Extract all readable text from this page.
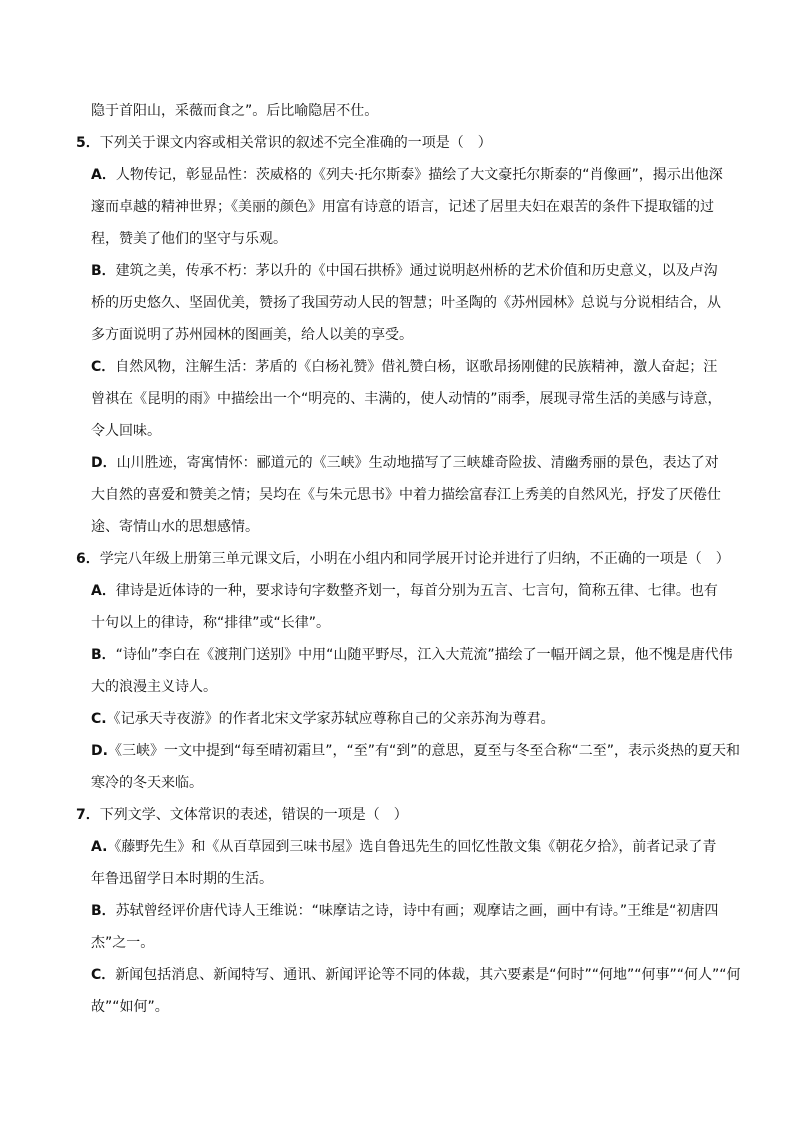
隐于首阳山，采薇而食之”。后比喻隐居不仕。
5．下列关于课文内容或相关常识的叙述不完全准确的一项是（　）
A．人物传记，彰显品性：茨威格的《列夫·托尔斯泰》描绘了大文豪托尔斯泰的“肖像画”，揭示出他深
邃而卓越的精神世界；《美丽的颜色》用富有诗意的语言，记述了居里夫妇在艰苦的条件下提取镭的过
程，赞美了他们的坚守与乐观。
B．建筑之美，传承不朽：茅以升的《中国石拱桥》通过说明赵州桥的艺术价值和历史意义，以及卢沟
桥的历史悠久、坚固优美，赞扬了我国劳动人民的智慧；叶圣陶的《苏州园林》总说与分说相结合，从
多方面说明了苏州园林的图画美，给人以美的享受。
C．自然风物，注解生活：茅盾的《白杨礼赞》借礼赞白杨，讴歌昂扬刚健的民族精神，激人奋起；汪
曾祺在《昆明的雨》中描绘出一个“明亮的、丰满的，使人动情的”雨季，展现寻常生活的美感与诗意，
令人回味。
D．山川胜迹，寄寓情怀：郦道元的《三峡》生动地描写了三峡雄奇险拔、清幽秀丽的景色，表达了对
大自然的喜爱和赞美之情；吴均在《与朱元思书》中着力描绘富春江上秀美的自然风光，抒发了厌倦仕
途、寄情山水的思想感情。
6．学完八年级上册第三单元课文后，小明在小组内和同学展开讨论并进行了归纳，不正确的一项是（　）
A．律诗是近体诗的一种，要求诗句字数整齐划一，每首分别为五言、七言句，简称五律、七律。也有
十句以上的律诗，称“排律”或“长律”。
B．“诗仙”李白在《渡荆门送别》中用“山随平野尽，江入大荒流”描绘了一幅开阔之景，他不愧是唐代伟
大的浪漫主义诗人。
C.《记承天寺夜游》的作者北宋文学家苏轼应尊称自己的父亲苏洵为尊君。
D.《三峡》一文中提到“每至晴初霜旦”，“至”有“到”的意思，夏至与冬至合称“二至”，表示炎热的夏天和
寒冷的冬天来临。
7．下列文学、文体常识的表述，错误的一项是（　）
A.《藤野先生》和《从百草园到三味书屋》选自鲁迅先生的回忆性散文集《朝花夕拾》，前者记录了青
年鲁迅留学日本时期的生活。
B．苏轼曾经评价唐代诗人王维说：“味摩诘之诗，诗中有画；观摩诘之画，画中有诗。”王维是“初唐四
杰”之一。
C．新闻包括消息、新闻特写、通讯、新闻评论等不同的体裁，其六要素是“何时”“何地”“何事”“何人”“何
故”“如何”。
